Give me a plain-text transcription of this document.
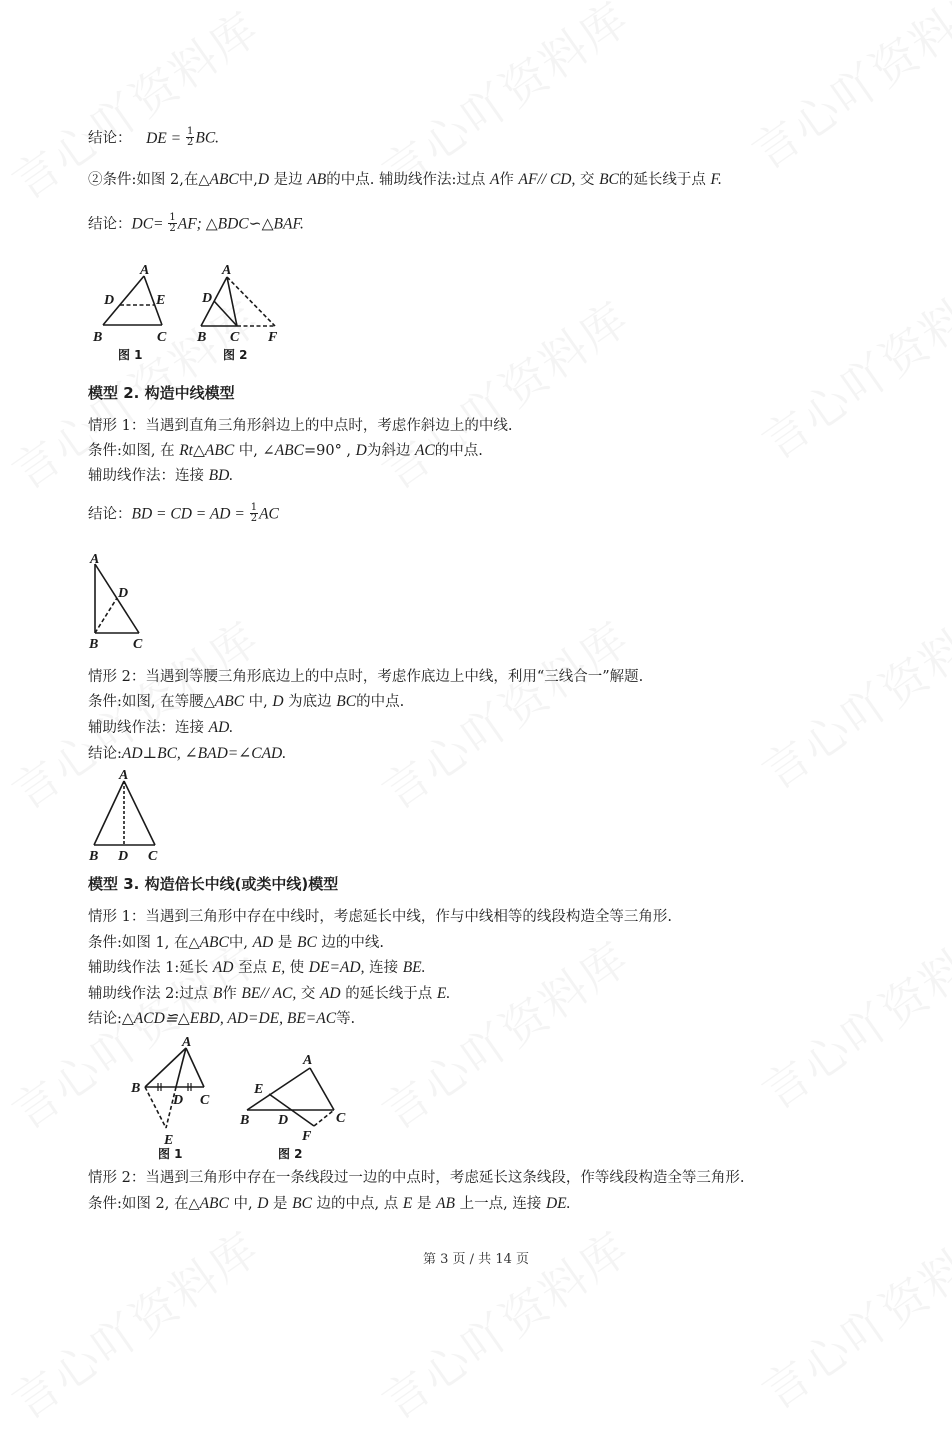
结论： DE = $\frac{1}{2}$ BC.
②条件:如图 2,在△ABC中,D 是边 AB的中点. 辅助线作法:过点 A作 AF// CD, 交 BC的延长线于点 F.
结论：$DC= \frac{1}{2}$ AF; △BDC∽△BAF.
A
D	E
B	C
图 1
A
D
B C F
图 2
模型 2. 构造中线模型
情形 1：当遇到直角三角形斜边上的中点时，考虑作斜边上的中线.
条件:如图, 在 Rt△ABC 中, ∠ABC=90° , D为斜边 AC的中点.
辅助线作法：连接 BD.
结论：BD = CD = AD = $\frac{1}{2}$ AC
A
D
B C
情形 2：当遇到等腰三角形底边上的中点时，考虑作底边上中线，利用“三线合一”解题.
条件:如图, 在等腰△ABC 中, D 为底边 BC的中点.
辅助线作法：连接 AD.
结论:AD⊥BC, ∠BAD=∠CAD.
A
B D C
模型 3. 构造倍长中线(或类中线)模型
情形 1：当遇到三角形中存在中线时，考虑延长中线，作与中线相等的线段构造全等三角形.
条件:如图 1, 在△ABC中, AD 是 BC 边的中线.
辅助线作法 1:延长 AD 至点 E, 使 DE=AD, 连接 BE.
辅助线作法 2:过点 B作 BE// AC, 交 AD 的延长线于点 E.
结论:△ACD≌△EBD, AD=DE, BE=AC等.
A
B
D C
E
图 1
A
E
B D	C
F
图 2
情形 2：当遇到三角形中存在一条线段过一边的中点时，考虑延长这条线段，作等线段构造全等三角形.
条件:如图 2, 在△ABC 中, D 是 BC 边的中点, 点 E 是 AB 上一点, 连接 DE.
第 3 页 / 共 14 页
